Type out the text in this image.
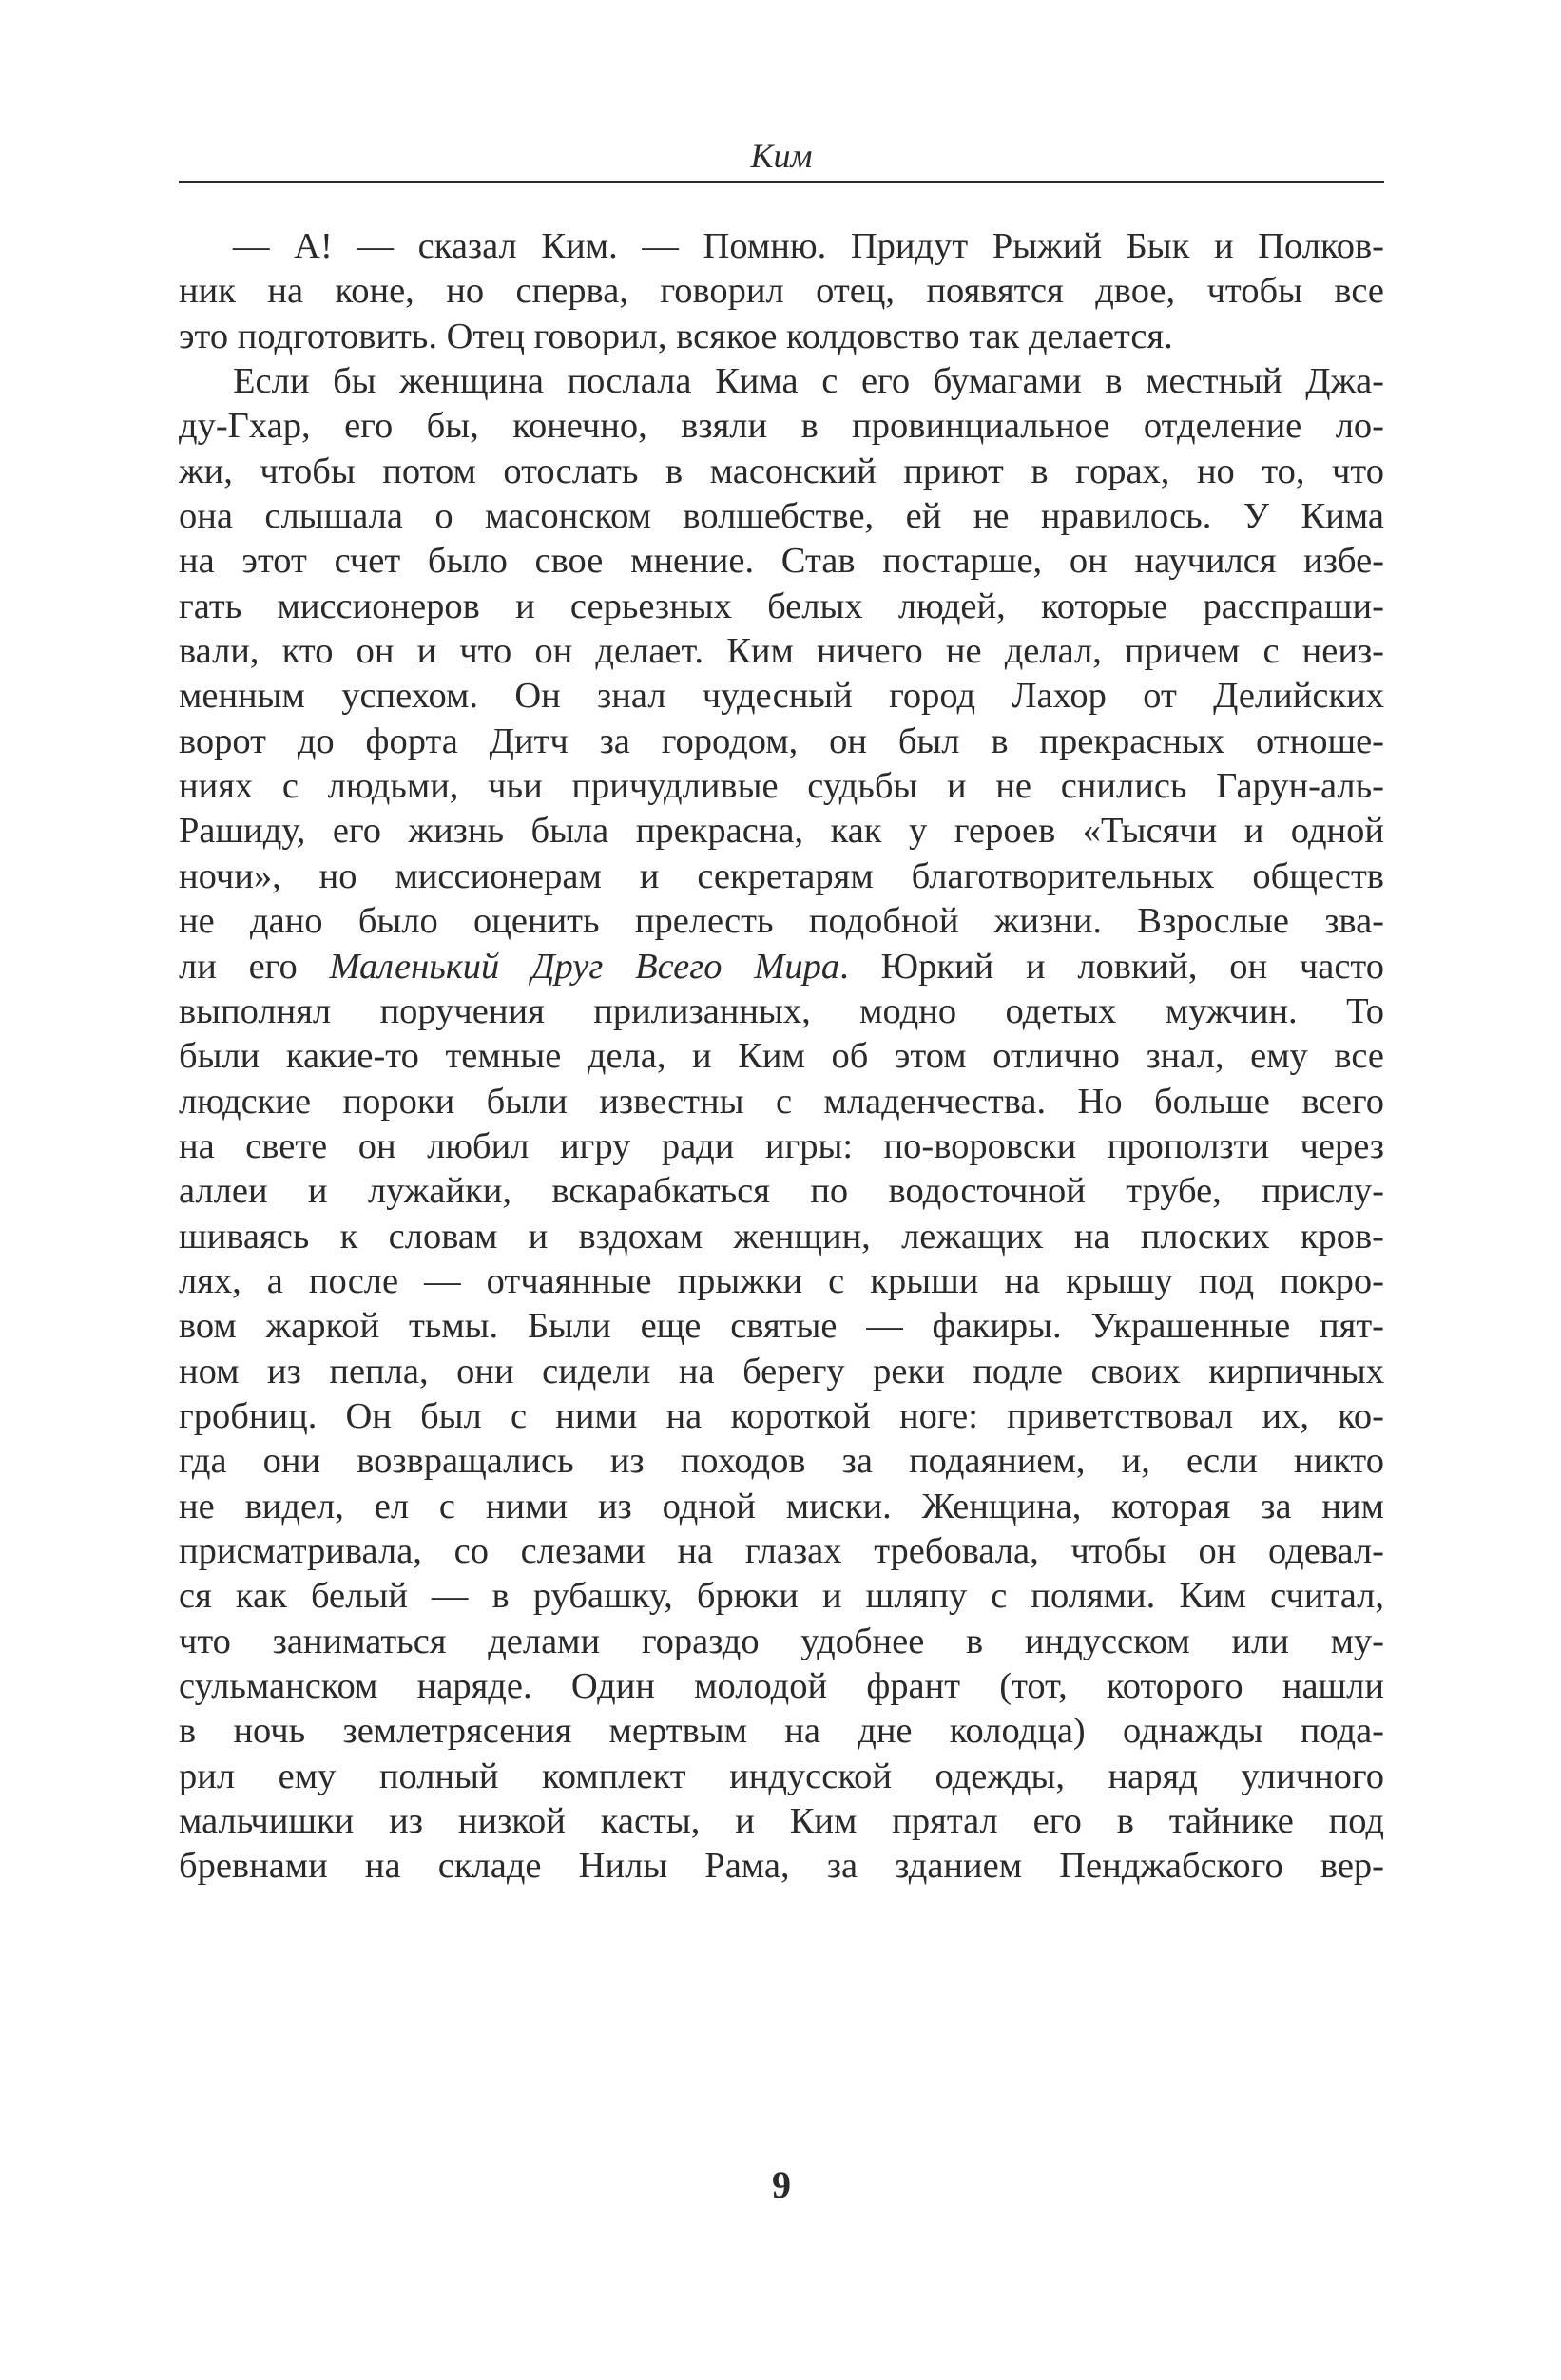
Ким
— А! — сказал Ким. — Помню. Придут Рыжий Бык и Полков-
ник на коне, но сперва, говорил отец, появятся двое, чтобы все
это подготовить. Отец говорил, всякое колдовство так делается.
Если бы женщина послала Кима с его бумагами в местный Джа-
ду-Гхар, его бы, конечно, взяли в провинциальное отделение ло-
жи, чтобы потом отослать в масонский приют в горах, но то, что
она слышала о масонском волшебстве, ей не нравилось. У Кима
на этот счет было свое мнение. Став постарше, он научился избе-
гать миссионеров и серьезных белых людей, которые расспраши-
вали, кто он и что он делает. Ким ничего не делал, причем с неиз-
менным успехом. Он знал чудесный город Лахор от Делийских
ворот до форта Дитч за городом, он был в прекрасных отноше-
ниях с людьми, чьи причудливые судьбы и не снились Гарун-аль-
Рашиду, его жизнь была прекрасна, как у героев «Тысячи и одной
ночи», но миссионерам и секретарям благотворительных обществ
не дано было оценить прелесть подобной жизни. Взрослые зва-
ли его Маленький Друг Всего Мира. Юркий и ловкий, он часто
выполнял поручения прилизанных, модно одетых мужчин. То
были какие-то темные дела, и Ким об этом отлично знал, ему все
людские пороки были известны с младенчества. Но больше всего
на свете он любил игру ради игры: по-воровски проползти через
аллеи и лужайки, вскарабкаться по водосточной трубе, прислу-
шиваясь к словам и вздохам женщин, лежащих на плоских кров-
лях, а после — отчаянные прыжки с крыши на крышу под покро-
вом жаркой тьмы. Были еще святые — факиры. Украшенные пят-
ном из пепла, они сидели на берегу реки подле своих кирпичных
гробниц. Он был с ними на короткой ноге: приветствовал их, ко-
гда они возвращались из походов за подаянием, и, если никто
не видел, ел с ними из одной миски. Женщина, которая за ним
присматривала, со слезами на глазах требовала, чтобы он одевал-
ся как белый — в рубашку, брюки и шляпу с полями. Ким считал,
что заниматься делами гораздо удобнее в индусском или му-
сульманском наряде. Один молодой франт (тот, которого нашли
в ночь землетрясения мертвым на дне колодца) однажды пода-
рил ему полный комплект индусской одежды, наряд уличного
мальчишки из низкой касты, и Ким прятал его в тайнике под
бревнами на складе Нилы Рама, за зданием Пенджабского вер-
9
